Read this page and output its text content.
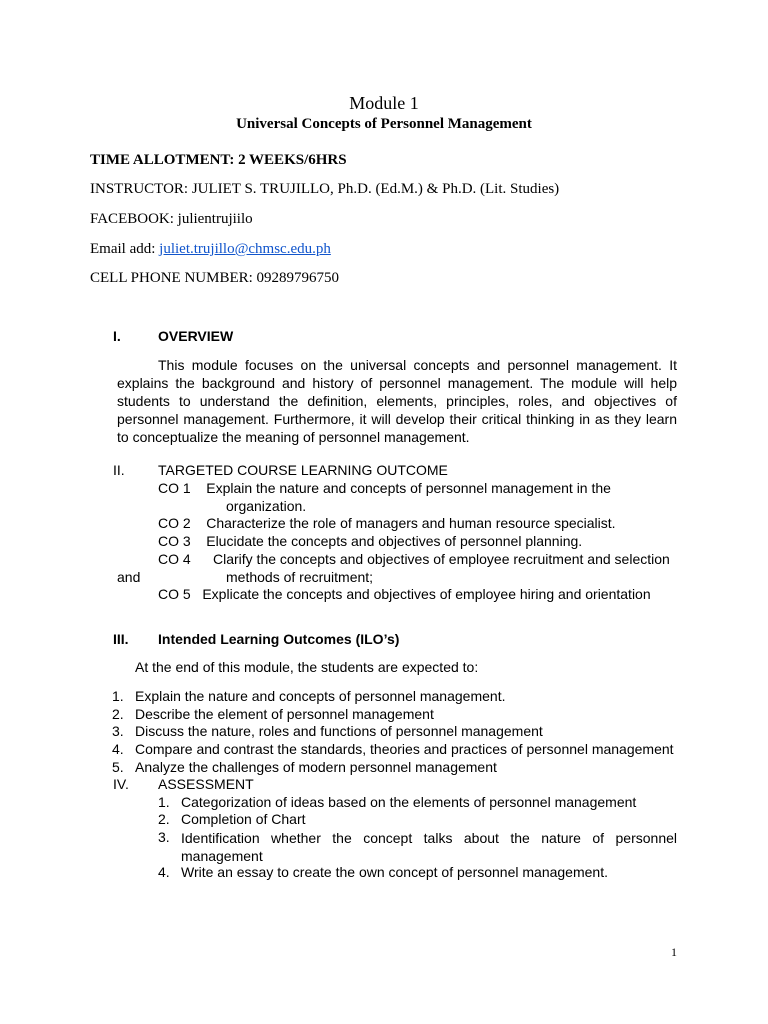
Module 1
Universal Concepts of Personnel Management
TIME ALLOTMENT: 2 WEEKS/6HRS
INSTRUCTOR: JULIET S. TRUJILLO, Ph.D. (Ed.M.) & Ph.D. (Lit. Studies)
FACEBOOK: julientrujiilo
Email add: juliet.trujillo@chmsc.edu.ph
CELL PHONE NUMBER: 09289796750
I.	OVERVIEW
This module focuses on the universal concepts and personnel management. It explains the background and history of personnel management. The module will help students to understand the definition, elements, principles, roles, and objectives of personnel management. Furthermore, it will develop their critical thinking in as they learn to conceptualize the meaning of personnel management.
II. TARGETED COURSE LEARNING OUTCOME
CO 1    Explain the nature and concepts of personnel management in the
organization.
CO 2    Characterize the role of managers and human resource specialist.
CO 3    Elucidate the concepts and objectives of personnel planning.
CO 4 Clarify the concepts and objectives of employee recruitment and selection
and	methods of recruitment;
CO 5   Explicate the concepts and objectives of employee hiring and orientation
III. Intended Learning Outcomes (ILO’s)
At the end of this module, the students are expected to:
1. Explain the nature and concepts of personnel management.
2. Describe the element of personnel management
3. Discuss the nature, roles and functions of personnel management
4. Compare and contrast the standards, theories and practices of personnel management
5. Analyze the challenges of modern personnel management
IV. ASSESSMENT
1. Categorization of ideas based on the elements of personnel management
2. Completion of Chart
3. Identification whether the concept talks about the nature of personnel management
4. Write an essay to create the own concept of personnel management.
1
